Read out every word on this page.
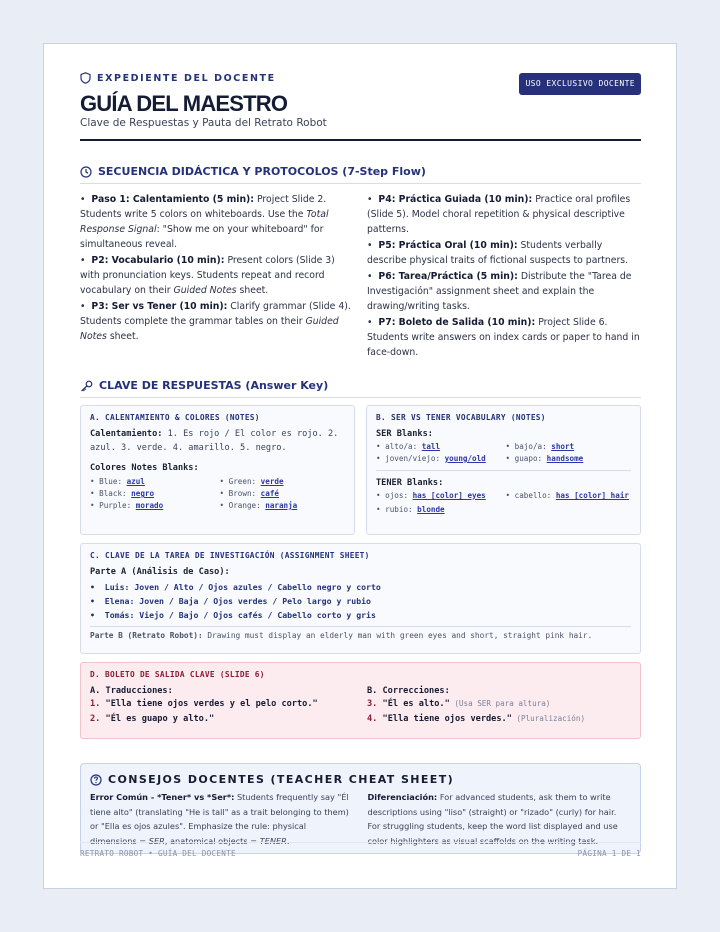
EXPEDIENTE DEL DOCENTE	USO EXCLUSIVO DOCENTE
GUÍA DEL MAESTRO
Clave de Respuestas y Pauta del Retrato Robot
SECUENCIA DIDÁCTICA Y PROTOCOLOS (7-Step Flow)

•  Paso 1: Calentamiento (5 min): Project Slide 2. Students write 5 colors on whiteboards. Use the Total Response Signal: "Show me on your whiteboard" for simultaneous reveal.

•  P2: Vocabulario (10 min): Present colors (Slide 3) with pronunciation keys. Students repeat and record vocabulary on their Guided Notes sheet.

•  P3: Ser vs Tener (10 min): Clarify grammar (Slide 4). Students complete the grammar tables on their Guided Notes sheet.

•  P4: Práctica Guiada (10 min): Practice oral profiles (Slide 5). Model choral repetition & physical descriptive patterns.

•  P5: Práctica Oral (10 min): Students verbally describe physical traits of fictional suspects to partners.

•  P6: Tarea/Práctica (5 min): Distribute the "Tarea de Investigación" assignment sheet and explain the drawing/writing tasks.

•  P7: Boleto de Salida (10 min): Project Slide 6. Students write answers on index cards or paper to hand in face-down.

CLAVE DE RESPUESTAS (Answer Key)
A. CALENTAMIENTO & COLORES (NOTES)
Calentamiento: 1. Es rojo / El color es rojo. 2. azul. 3. verde. 4. amarillo. 5. negro.
Colores Notes Blanks:
• Blue: azul	• Green: verde
• Black: negro	• Brown: café
• Purple: morado	• Orange: naranja
B. SER VS TENER VOCABULARY (NOTES)
SER Blanks:
• alto/a: tall	• bajo/a: short
• joven/viejo: young/old	• guapo: handsome
TENER Blanks:
• ojos: has [color] eyes	• cabello: has [color] hair
• rubio: blonde
C. CLAVE DE LA TAREA DE INVESTIGACIÓN (ASSIGNMENT SHEET)
Parte A (Análisis de Caso):
•  Luis: Joven / Alto / Ojos azules / Cabello negro y corto
•  Elena: Joven / Baja / Ojos verdes / Pelo largo y rubio
•  Tomás: Viejo / Bajo / Ojos cafés / Cabello corto y gris
Parte B (Retrato Robot): Drawing must display an elderly man with green eyes and short, straight pink hair.
D. BOLETO DE SALIDA CLAVE (SLIDE 6)
A. Traducciones:
1. "Ella tiene ojos verdes y el pelo corto."
2. "Él es guapo y alto."
B. Correcciones:
3. "Él es alto." (Usa SER para altura)
4. "Ella tiene ojos verdes." (Pluralización)
CONSEJOS DOCENTES (TEACHER CHEAT SHEET)
Error Común - *Tener* vs *Ser*: Students frequently say "Él tiene alto" (translating "He is tall" as a trait belonging to them) or "Ella es ojos azules". Emphasize the rule: physical dimensions = SER, anatomical objects = TENER.
Diferenciación: For advanced students, ask them to write descriptions using "liso" (straight) or "rizado" (curly) for hair. For struggling students, keep the word list displayed and use color highlighters as visual scaffolds on the writing task.
RETRATO ROBOT • GUÍA DEL DOCENTE	PÁGINA 1 DE 1
